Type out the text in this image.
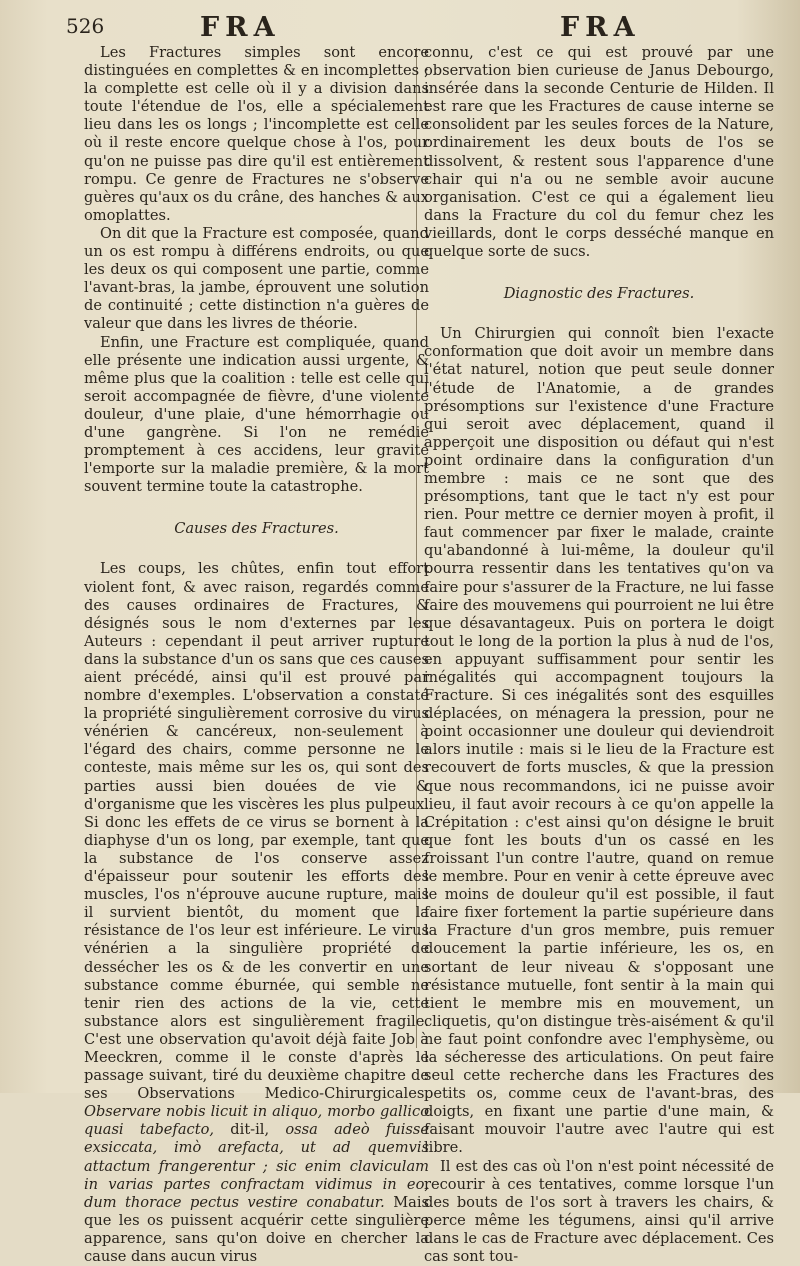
526	FRA	FRA

Les Fractures simples sont encore distinguées en complettes & en incomplettes ; la complette est celle où il y a division dans toute l'étendue de l'os, elle a spécialement lieu dans les os longs ; l'incomplette est celle où il reste encore quelque chose à l'os, pour qu'on ne puisse pas dire qu'il est entièrement rompu. Ce genre de Fractures ne s'observe guères qu'aux os du crâne, des hanches & aux omoplattes.

On dit que la Fracture est composée, quand un os est rompu à différens endroits, ou que les deux os qui composent une partie, comme l'avant-bras, la jambe, éprouvent une solution de continuité ; cette distinction n'a guères de valeur que dans les livres de théorie.

Enfin, une Fracture est compliquée, quand elle présente une indication aussi urgente, & même plus que la coalition : telle est celle qui seroit accompagnée de fièvre, d'une violente douleur, d'une plaie, d'une hémorrhagie ou d'une gangrène. Si l'on ne remédie promptement à ces accidens, leur gravité l'emporte sur la maladie première, & la mort souvent termine toute la catastrophe.

Causes des Fractures.

Les coups, les chûtes, enfin tout effort violent font, & avec raison, regardés comme des causes ordinaires de Fractures, & désignés sous le nom d'externes par les Auteurs : cependant il peut arriver rupture dans la substance d'un os sans que ces causes aient précédé, ainsi qu'il est prouvé par nombre d'exemples. L'observation a constaté la propriété singulièrement corrosive du virus vénérien & cancéreux, non-seulement à l'égard des chairs, comme personne ne le conteste, mais même sur les os, qui sont des parties aussi bien douées de vie & d'organisme que les viscères les plus pulpeux. Si donc les effets de ce virus se bornent à la diaphyse d'un os long, par exemple, tant que la substance de l'os conserve assez d'épaisseur pour soutenir les efforts des muscles, l'os n'éprouve aucune rupture, mais il survient bientôt, du moment que la résistance de l'os leur est inférieure. Le virus vénérien a la singulière propriété de dessécher les os & de les convertir en une substance comme éburnée, qui semble ne tenir rien des actions de la vie, cette substance alors est singulièrement fragile. C'est une observation qu'avoit déjà faite Job à Meeckren, comme il le conste d'après le passage suivant, tiré du deuxième chapitre de ses Observations Medico-Chirurgicales. Observare nobis licuit in aliquo, morbo gallico quasi tabefacto, dit-il, ossa adeò fuisse exsiccata, imò arefacta, ut ad quemvis attactum frangerentur ; sic enim claviculam in varias partes confractam vidimus in eo, dum thorace pectus vestire conabatur. Mais que les os puissent acquérir cette singulière apparence, sans qu'on doive en chercher la cause dans aucun virus

connu, c'est ce qui est prouvé par une observation bien curieuse de Janus Debourgo, insérée dans la seconde Centurie de Hilden. Il est rare que les Fractures de cause interne se consolident par les seules forces de la Nature, ordinairement les deux bouts de l'os se dissolvent, & restent sous l'apparence d'une chair qui n'a ou ne semble avoir aucune organisation. C'est ce qui a également lieu dans la Fracture du col du femur chez les vieillards, dont le corps desséché manque en quelque sorte de sucs.

Diagnostic des Fractures.

Un Chirurgien qui connoît bien l'exacte conformation que doit avoir un membre dans l'état naturel, notion que peut seule donner l'étude de l'Anatomie, a de grandes présomptions sur l'existence d'une Fracture qui seroit avec déplacement, quand il apperçoit une disposition ou défaut qui n'est point ordinaire dans la configuration d'un membre : mais ce ne sont que des présomptions, tant que le tact n'y est pour rien. Pour mettre ce dernier moyen à profit, il faut commencer par fixer le malade, crainte qu'abandonné à lui-même, la douleur qu'il pourra ressentir dans les tentatives qu'on va faire pour s'assurer de la Fracture, ne lui fasse faire des mouvemens qui pourroient ne lui être que désavantageux. Puis on portera le doigt tout le long de la portion la plus à nud de l'os, en appuyant suffisamment pour sentir les inégalités qui accompagnent toujours la Fracture. Si ces inégalités sont des esquilles déplacées, on ménagera la pression, pour ne point occasionner une douleur qui deviendroit alors inutile : mais si le lieu de la Fracture est recouvert de forts muscles, & que la pression que nous recommandons, ici ne puisse avoir lieu, il faut avoir recours à ce qu'on appelle la Crépitation : c'est ainsi qu'on désigne le bruit que font les bouts d'un os cassé en les froissant l'un contre l'autre, quand on remue le membre. Pour en venir à cette épreuve avec le moins de douleur qu'il est possible, il faut faire fixer fortement la partie supérieure dans la Fracture d'un gros membre, puis remuer doucement la partie inférieure, les os, en sortant de leur niveau & s'opposant une résistance mutuelle, font sentir à la main qui tient le membre mis en mouvement, un cliquetis, qu'on distingue très-aisément & qu'il ne faut point confondre avec l'emphysème, ou la sécheresse des articulations. On peut faire seul cette recherche dans les Fractures des petits os, comme ceux de l'avant-bras, des doigts, en fixant une partie d'une main, & faisant mouvoir l'autre avec l'autre qui est libre.

Il est des cas où l'on n'est point nécessité de recourir à ces tentatives, comme lorsque l'un des bouts de l'os sort à travers les chairs, & perce même les tégumens, ainsi qu'il arrive dans le cas de Fracture avec déplacement. Ces cas sont tou-
